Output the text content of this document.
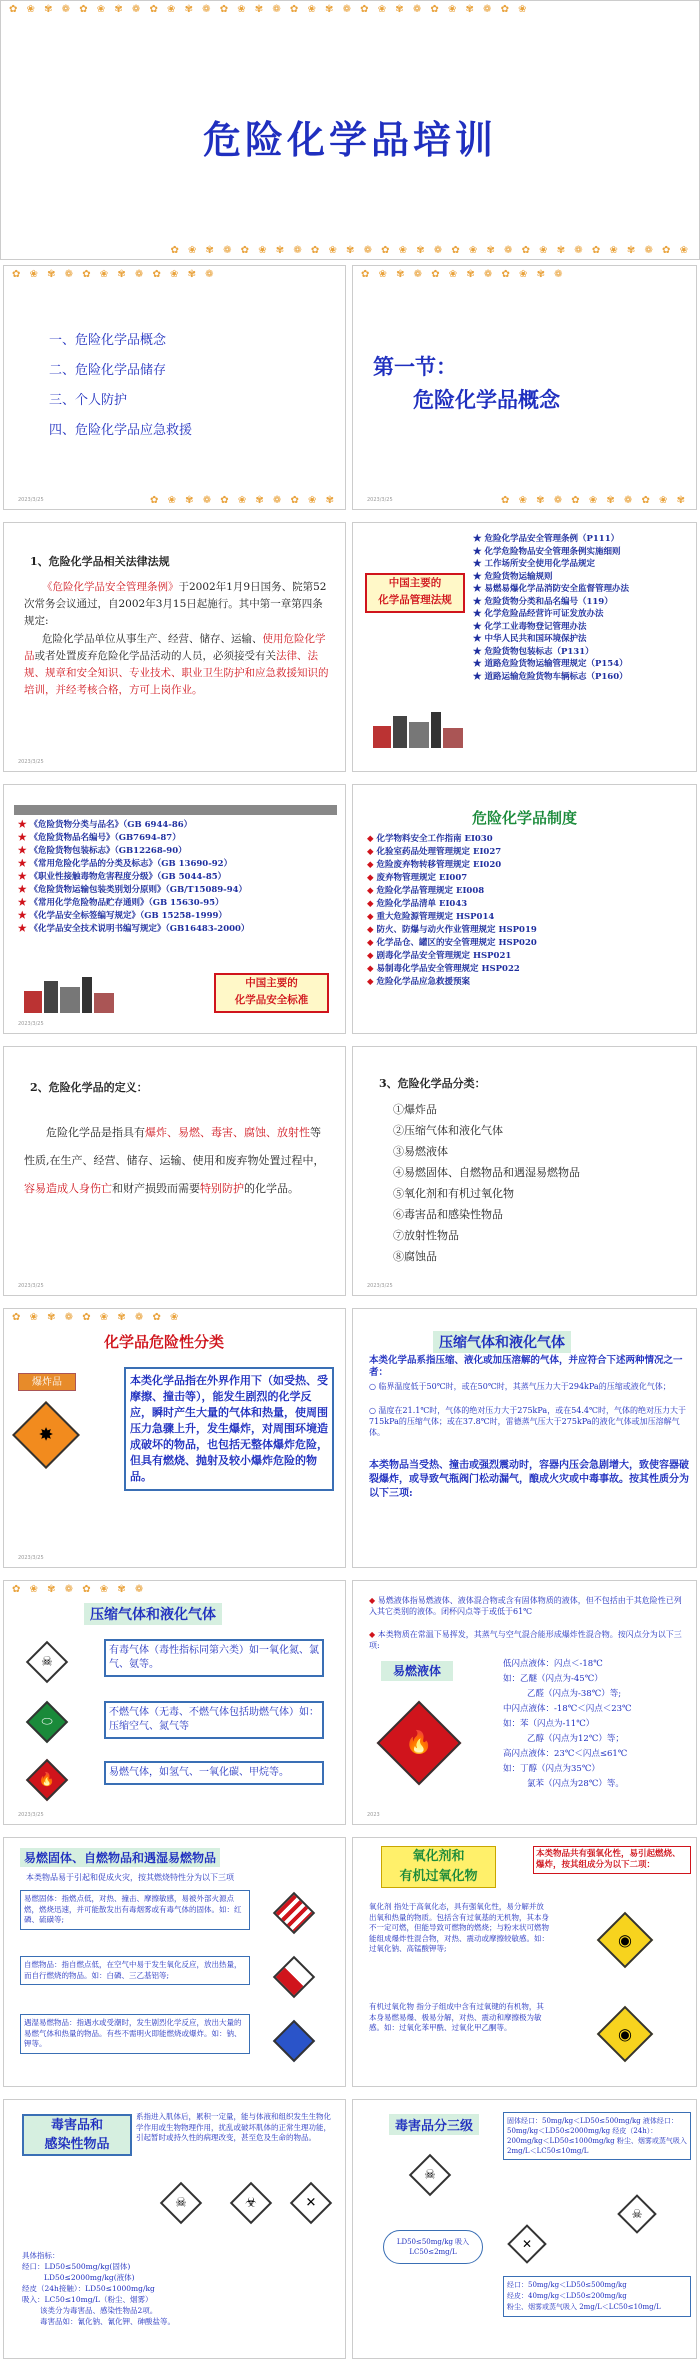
✿ ❀ ✾ ❁ ✿ ❀ ✾ ❁ ✿ ❀ ✾ ❁ ✿ ❀ ✾ ❁ ✿ ❀ ✾ ❁ ✿ ❀ ✾ ❁ ✿ ❀ ✾ ❁ ✿ ❀
危险化学品培训
✿ ❀ ✾ ❁ ✿ ❀ ✾ ❁ ✿ ❀ ✾ ❁ ✿ ❀ ✾ ❁ ✿ ❀ ✾ ❁ ✿ ❀ ✾ ❁ ✿ ❀ ✾ ❁ ✿ ❀
✿ ❀ ✾ ❁ ✿ ❀ ✾ ❁ ✿ ❀ ✾ ❁
一、危险化学品概念
二、危险化学品储存
三、个人防护
四、危险化学品应急救援
2023/3/25	✿ ❀ ✾ ❁ ✿ ❀ ✾ ❁ ✿ ❀ ✾
✿ ❀ ✾ ❁ ✿ ❀ ✾ ❁ ✿ ❀ ✾ ❁
第一节：
危险化学品概念
2023/3/25	✿ ❀ ✾ ❁ ✿ ❀ ✾ ❁ ✿ ❀ ✾
1、危险化学品相关法律法规
《危险化学品安全管理条例》于2002年1月9日国务、院第52次常务会议通过，自2002年3月15日起施行。其中第一章第四条规定:
危险化学品单位从事生产、经营、储存、运输、使用危险化学品或者处置废弃危险化学品活动的人员，必须接受有关法律、法规、规章和安全知识、专业技术、职业卫生防护和应急救援知识的培训，并经考核合格，方可上岗作业。
2023/3/25
中国主要的
化学品管理法规
★ 危险化学品安全管理条例（P111）
★ 化学危险物品安全管理条例实施细则
★ 工作场所安全使用化学品规定
★ 危险货物运输规则
★ 易燃易爆化学品消防安全监督管理办法
★ 危险货物分类和品名编号（119）
★ 化学危险品经营许可证发放办法
★ 化学工业毒物登记管理办法
★ 中华人民共和国环境保护法
★ 危险货物包装标志（P131）
★ 道路危险货物运输管理规定（P154）
★ 道路运输危险货物车辆标志（P160）
★ 《危险货物分类与品名》（GB 6944-86）
★ 《危险货物品名编号》（GB7694-87）
★ 《危险货物包装标志》（GB12268-90）
★ 《常用危险化学品的分类及标志》（GB 13690-92）
★ 《职业性接触毒物危害程度分级》（GB 5044-85）
★ 《危险货物运输包装类别划分原则》（GB/T15089-94）
★ 《常用化学危险物品贮存通则》（GB 15630-95）
★ 《化学品安全标签编写规定》（GB 15258-1999）
★ 《化学品安全技术说明书编写规定》（GB16483-2000）
中国主要的
化学品安全标准
2023/3/25
危险化学品制度
◆ 化学物料安全工作指南 EI030
◆ 化验室药品处理管理规定 EI027
◆ 危险废弃物转移管理规定 EI020
◆ 废弃物管理规定 EI007
◆ 危险化学品管理规定 EI008
◆ 危险化学品清单 EI043
◆ 重大危险源管理规定 HSP014
◆ 防火、防爆与动火作业管理规定 HSP019
◆ 化学品仓、罐区的安全管理规定 HSP020
◆ 剧毒化学品安全管理规定 HSP021
◆ 易制毒化学品安全管理规定 HSP022
◆ 危险化学品应急救援预案
2、危险化学品的定义：
危险化学品是指具有爆炸、易燃、毒害、腐蚀、放射性等性质,在生产、经营、储存、运输、使用和废弃物处置过程中，容易造成人身伤亡和财产损毁而需要特别防护的化学品。
2023/3/25
3、危险化学品分类：
①爆炸品
②压缩气体和液化气体
③易燃液体
④易燃固体、自燃物品和遇湿易燃物品
⑤氧化剂和有机过氧化物
⑥毒害品和感染性物品
⑦放射性物品
⑧腐蚀品
2023/3/25
✿ ❀ ✾ ❁ ✿ ❀ ✾ ❁ ✿ ❀
化学品危险性分类
爆炸品
✸
本类化学品指在外界作用下（如受热、受摩擦、撞击等），能发生剧烈的化学反应，瞬时产生大量的气体和热量，使周围压力急骤上升，发生爆炸，对周围环境造成破坏的物品，也包括无整体爆炸危险，但具有燃烧、抛射及较小爆炸危险的物品。
2023/3/25
压缩气体和液化气体
本类化学品系指压缩、液化或加压溶解的气体，并应符合下述两种情况之一者：
○ 临界温度低于50℃时，或在50℃时，其蒸气压力大于294kPa的压缩或液化气体；
○ 温度在21.1℃时，气体的绝对压力大于275kPa，或在54.4℃时，气体的绝对压力大于715kPa的压缩气体；或在37.8℃时，雷德蒸气压大于275kPa的液化气体或加压溶解气体。
本类物品当受热、撞击或强烈震动时，容器内压会急剧增大，致使容器破裂爆炸，或导致气瓶阀门松动漏气，酿成火灾或中毒事故。按其性质分为以下三项:
✿ ❀ ✾ ❁ ✿ ❀ ✾ ❁
压缩气体和液化气体
☠
有毒气体（毒性指标同第六类）如一氧化氮、氯气、氨等。
⬭
不燃气体（无毒、不燃气体包括助燃气体）如：压缩空气、氮气等
🔥	易燃气体，如氢气、一氧化碳、甲烷等。
2023/3/25
◆ 易燃液体指易燃液体、液体混合物或含有固体物质的液体，但不包括由于其危险性已列入其它类别的液体。闭杯闪点等于或低于61℃
◆ 本类物质在常温下易挥发，其蒸气与空气混合能形成爆炸性混合物。按闪点分为以下三项:
易燃液体
🔥
低闪点液体：闪点＜-18℃
如：乙醚（闪点为-45℃）
乙醛（闪点为-38℃）等;
中闪点液体：-18℃＜闪点＜23℃
如：苯（闪点为-11℃）
乙醇（闪点为12℃）等；
高闪点液体：23℃＜闪点≤61℃
如：丁醇（闪点为35℃）
氯苯（闪点为28℃）等。
2023
易燃固体、自燃物品和遇湿易燃物品
本类物品易于引起和促成火灾，按其燃烧特性分为以下三项
易燃固体：指燃点低，对热、撞击、摩擦敏感，易被外部火源点燃，燃烧迅速，并可能散发出有毒烟雾或有毒气体的固体。如：红磷、硫磺等;
自燃物品：指自燃点低，在空气中易于发生氧化反应，放出热量，而自行燃烧的物品。如：白磷、三乙基铝等;
遇湿易燃物品：指遇水或受潮时，发生剧烈化学反应，放出大量的易燃气体和热量的物品。有些不需明火即能燃烧或爆炸。如：钠、钾等。
氧化剂和
有机过氧化物
本类物品共有强氧化性，易引起燃烧、爆炸，按其组成分为以下二项：
氧化剂 指处于高氧化态，具有强氧化性，易分解并放出氧和热量的物质。包括含有过氧基的无机物，其本身不一定可燃，但能导致可燃物的燃烧；与粉末状可燃物能组成爆炸性混合物，对热、震动或摩擦较敏感。如：过氧化钠、高锰酸钾等;
有机过氧化物 指分子组成中含有过氧键的有机物，其本身易燃易爆、极易分解，对热、震动和摩擦极为敏感。如：过氧化苯甲酰、过氧化甲乙酮等。
◉
◉
毒害品和
感染性物品
系指进入肌体后，累积一定量，能与体液和组织发生生物化学作用或生物物理作用，扰乱或破坏肌体的正常生理功能，引起暂时或持久性的病理改变，甚至危及生命的物品。
☠	☣	✕
具体指标：
经口：LD50≤500mg/kg(固体)
LD50≤2000mg/kg(液体)
经皮（24h接触）：LD50≤1000mg/kg
吸入：LC50≤10mg/L（粉尘、烟雾）
该类分为毒害品、感染性物品2项。
毒害品如：氰化钠、氰化钾、砷酸盐等。
毒害品分三级
☠
固体经口：50mg/kg＜LD50≤500mg/kg 液体经口：50mg/kg＜LD50≤2000mg/kg 经皮（24h）：200mg/kg＜LD50≤1000mg/kg 粉尘、烟雾或蒸气吸入 2mg/L＜LC50≤10mg/L
LD50≤50mg/kg 吸入 LC50≤2mg/L
✕
☠
经口：50mg/kg＜LD50≤500mg/kg
经皮：40mg/kg＜LD50≤200mg/kg
粉尘、烟雾或蒸气吸入 2mg/L＜LC50≤10mg/L
